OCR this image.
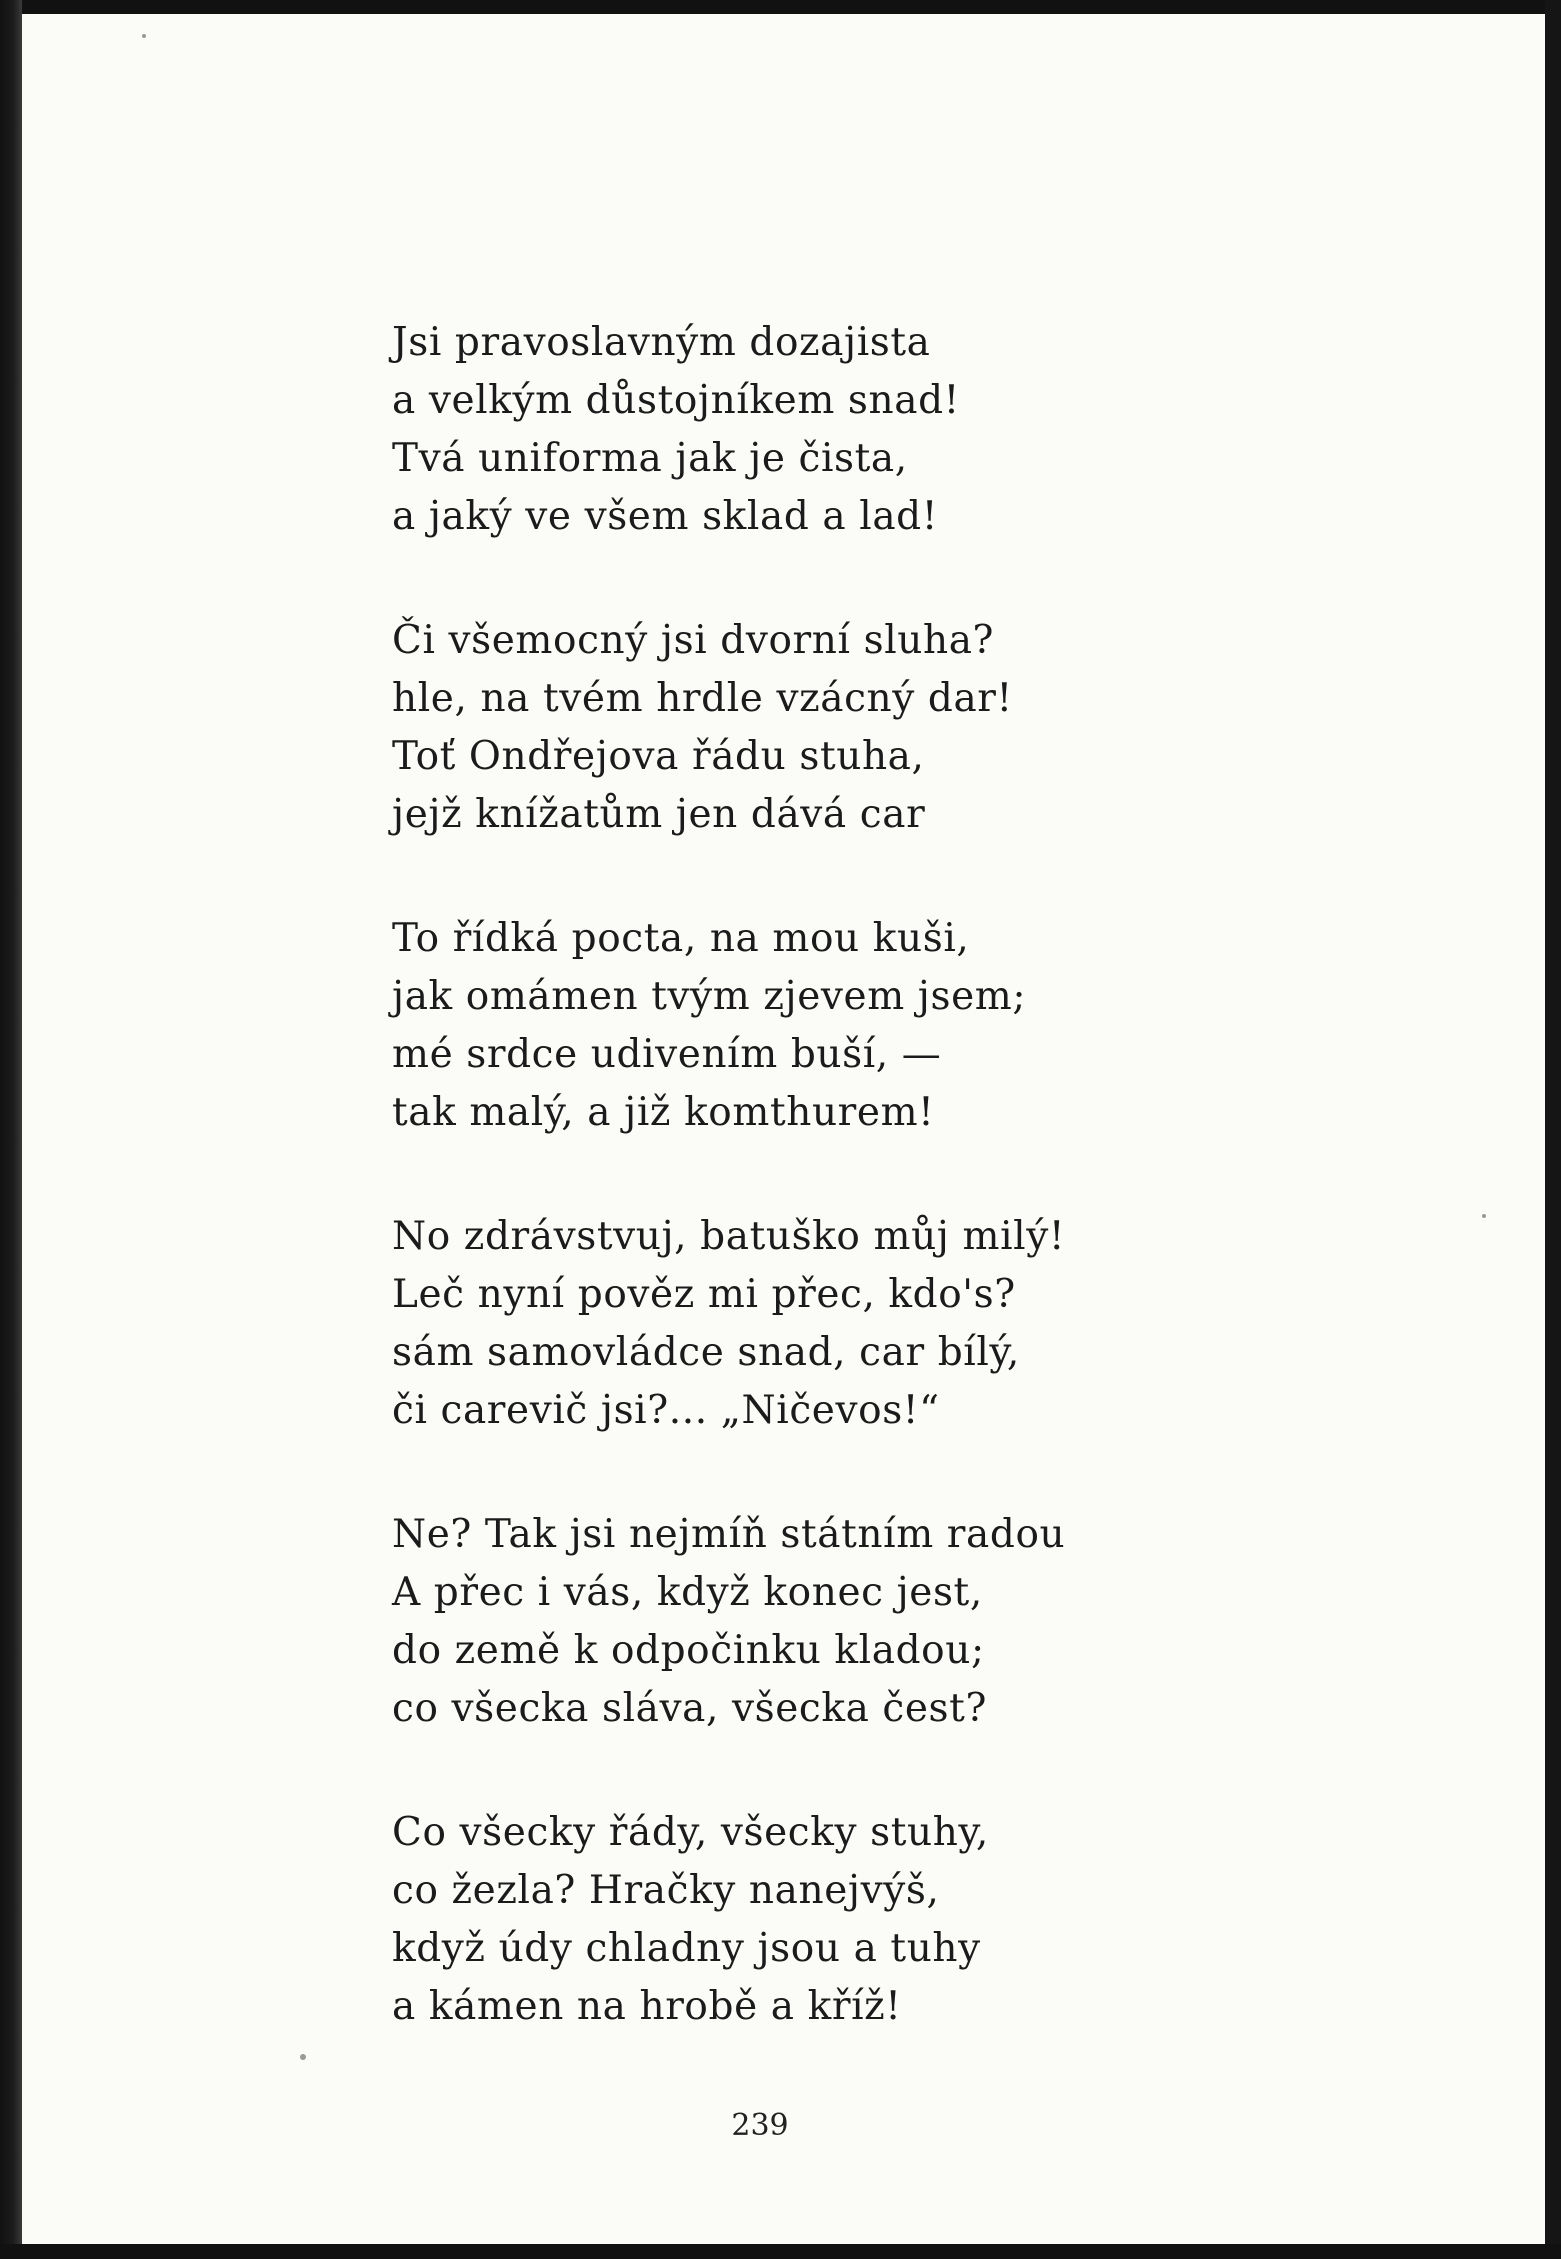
Jsi pravoslavným dozajista
a velkým důstojníkem snad!
Tvá uniforma jak je čista,
a jaký ve všem sklad a lad!
Či všemocný jsi dvorní sluha?
hle, na tvém hrdle vzácný dar!
Toť Ondřejova řádu stuha,
jejž knížatům jen dává car
To řídká pocta, na mou kuši,
jak omámen tvým zjevem jsem;
mé srdce udivením buší, —
tak malý, a již komthurem!
No zdrávstvuj, batuško můj milý!
Leč nyní pověz mi přec, kdo's?
sám samovládce snad, car bílý,
či carevič jsi?... „Ničevos!“
Ne? Tak jsi nejmíň státním radou
A přec i vás, když konec jest,
do země k odpočinku kladou;
co všecka sláva, všecka čest?
Co všecky řády, všecky stuhy,
co žezla? Hračky nanejvýš,
když údy chladny jsou a tuhy
a kámen na hrobě a kříž!
239
